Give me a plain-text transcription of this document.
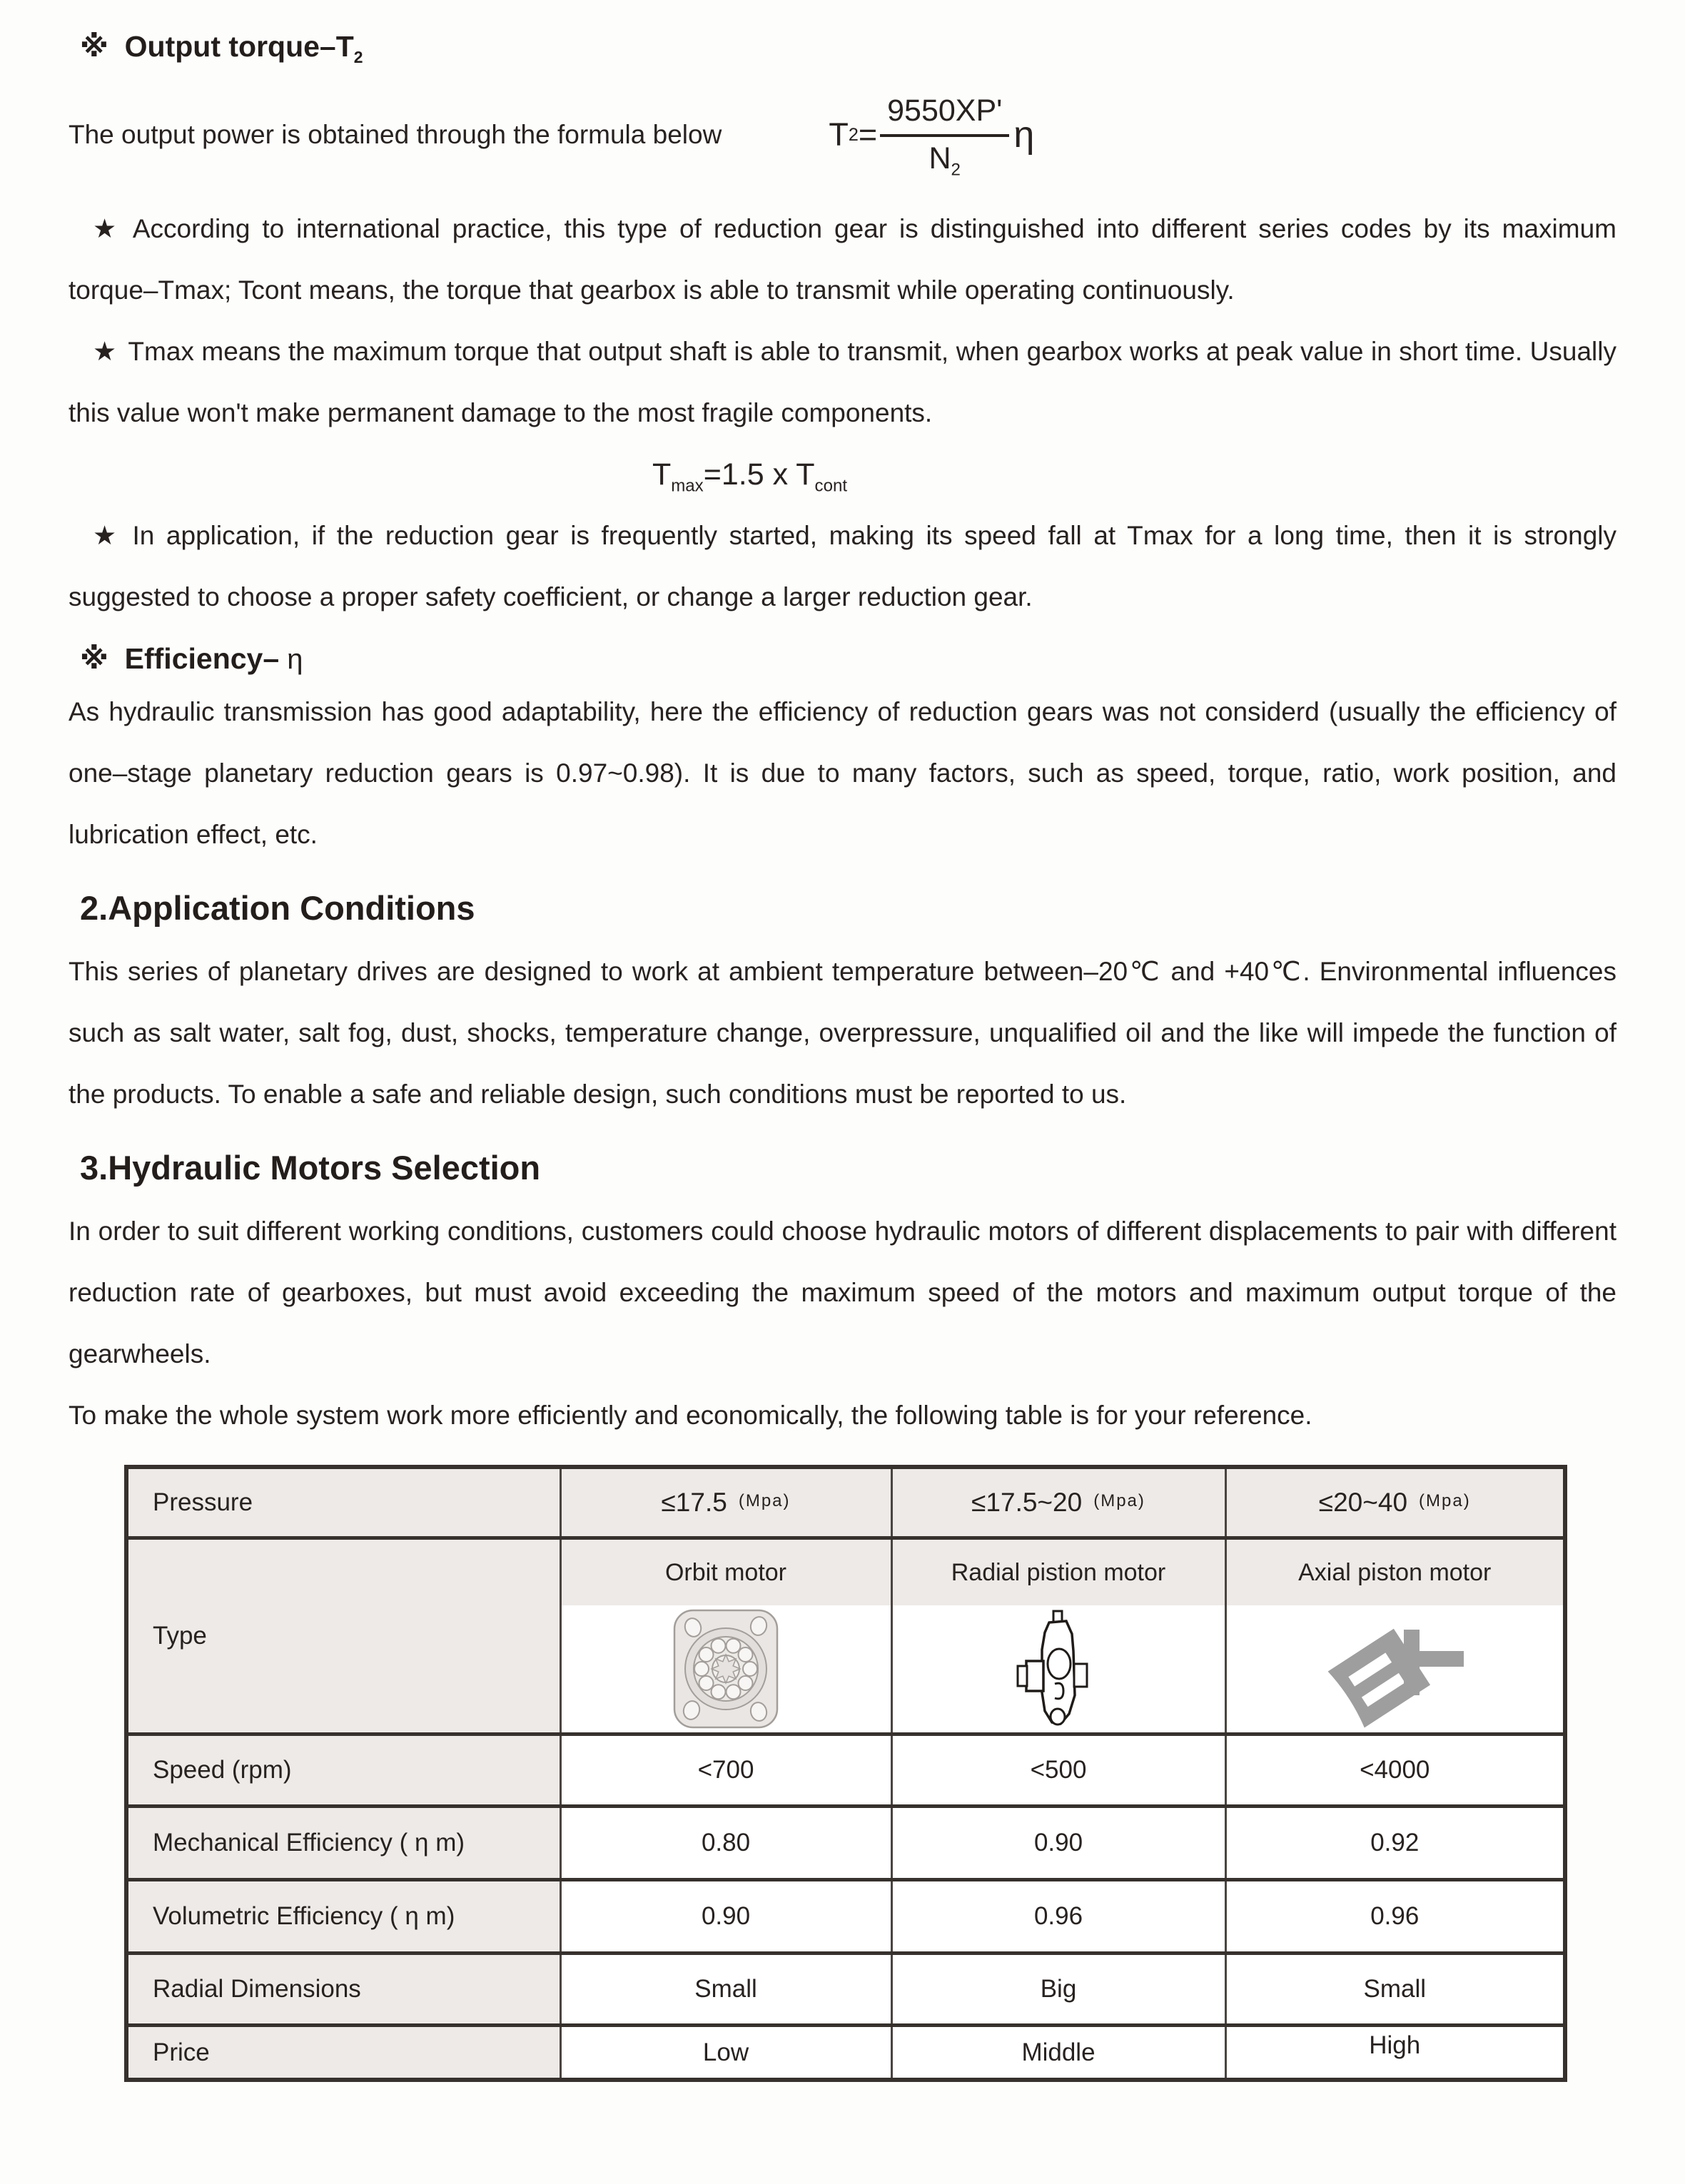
※ Output torque–$T_2$

The output power is obtained through the formula below	T $2 = \frac{9550XP'}{N_2}$ η

★ According to international practice, this type of reduction gear is distinguished into different series codes by its maximum torque–Tmax; Tcont means, the torque that gearbox is able to transmit while operating continuously.

★ Tmax means the maximum torque that output shaft is able to transmit, when gearbox works at peak value in short time. Usually this value won't make permanent damage to the most fragile components.

$T_{max}=1.5$ x $T_{cont}$

★ In application, if the reduction gear is frequently started, making its speed fall at Tmax for a long time, then it is strongly suggested to choose a proper safety coefficient, or change a larger reduction gear.

※ Efficiency– η

As hydraulic transmission has good adaptability, here the efficiency of reduction gears was not considerd (usually the efficiency of one–stage planetary reduction gears is 0.97~0.98). It is due to many factors, such as speed, torque, ratio, work position, and lubrication effect, etc.

2.Application Conditions

This series of planetary drives are designed to work at ambient temperature between–20℃ and +40℃. Environmental influences such as salt water, salt fog, dust, shocks, temperature change, overpressure, unqualified oil and the like will impede the function of the products. To enable a safe and reliable design, such conditions must be reported to us.

3.Hydraulic Motors Selection

In order to suit different working conditions, customers could choose hydraulic motors of different displacements to pair with different reduction rate of gearboxes, but must avoid exceeding the maximum speed of the motors and maximum output torque of the gearwheels.

To make the whole system work more efficiently and economically, the following table is for your reference.

Pressure	≤17.5 (Mpa)	≤17.5~20 (Mpa)	≤20~40 (Mpa)
Type	Orbit motor	Radial pistion motor	Axial piston motor

Speed (rpm)	<700	<500	<4000
Mechanical Efficiency ( η m)	0.80	0.90	0.92
Volumetric Efficiency ( η m)	0.90	0.96	0.96
Radial Dimensions	Small	Big	Small
Price	Low	Middle	High
